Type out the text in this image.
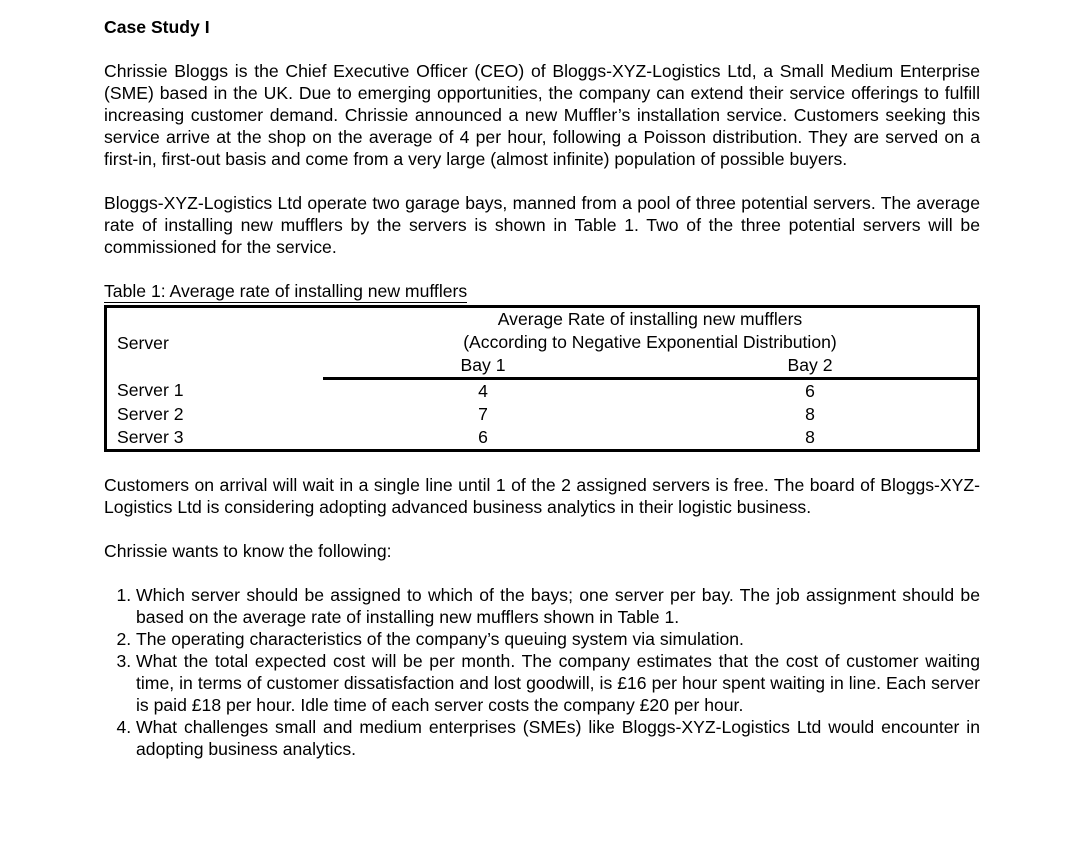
Case Study I

Chrissie Bloggs is the Chief Executive Officer (CEO) of Bloggs-XYZ-Logistics Ltd, a Small Medium Enterprise (SME) based in the UK. Due to emerging opportunities, the company can extend their service offerings to fulfill increasing customer demand. Chrissie announced a new Muffler’s installation service. Customers seeking this service arrive at the shop on the average of 4 per hour, following a Poisson distribution. They are served on a first-in, first-out basis and come from a very large (almost infinite) population of possible buyers.

Bloggs-XYZ-Logistics Ltd operate two garage bays, manned from a pool of three potential servers. The average rate of installing new mufflers by the servers is shown in Table 1. Two of the three potential servers will be commissioned for the service.

Table 1: Average rate of installing new mufflers

Server	Average Rate of installing new mufflers	
	(According to Negative Exponential Distribution)	
	Bay 1	Bay 2
Server 1	4	6
Server 2	7	8
Server 3	6	8

Customers on arrival will wait in a single line until 1 of the 2 assigned servers is free. The board of Bloggs-XYZ-Logistics Ltd is considering adopting advanced business analytics in their logistic business.

Chrissie wants to know the following:

1. Which server should be assigned to which of the bays; one server per bay. The job assignment should be based on the average rate of installing new mufflers shown in Table 1.
2. The operating characteristics of the company’s queuing system via simulation.
3. What the total expected cost will be per month. The company estimates that the cost of customer waiting time, in terms of customer dissatisfaction and lost goodwill, is £16 per hour spent waiting in line. Each server is paid £18 per hour. Idle time of each server costs the company £20 per hour.
4. What challenges small and medium enterprises (SMEs) like Bloggs-XYZ-Logistics Ltd would encounter in adopting business analytics.
